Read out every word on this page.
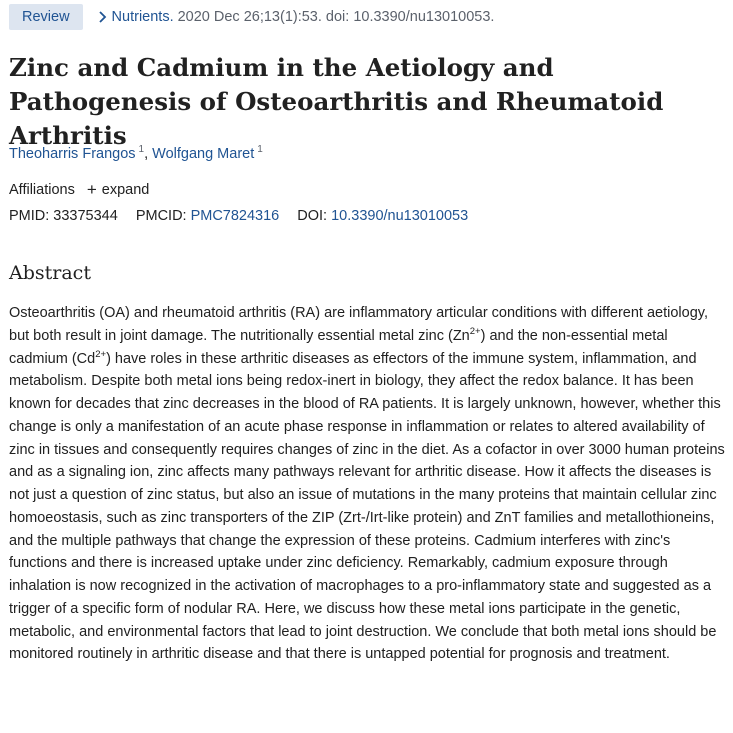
Review	Nutrients. 2020 Dec 26;13(1):53. doi: 10.3390/nu13010053.
Zinc and Cadmium in the Aetiology and Pathogenesis of Osteoarthritis and Rheumatoid Arthritis
Theoharris Frangos $^1$, Wolfgang Maret $^1$
Affiliations + expand
PMID: 33375344 PMCID: PMC7824316 DOI: 10.3390/nu13010053
Abstract

Osteoarthritis (OA) and rheumatoid arthritis (RA) are inflammatory articular conditions with different aetiology, but both result in joint damage. The nutritionally essential metal zinc $(Zn^{2+})$ and the non-essential metal cadmium $(Cd^{2+})$ have roles in these arthritic diseases as effectors of the immune system, inflammation, and metabolism. Despite both metal ions being redox-inert in biology, they affect the redox balance. It has been known for decades that zinc decreases in the blood of RA patients. It is largely unknown, however, whether this change is only a manifestation of an acute phase response in inflammation or relates to altered availability of zinc in tissues and consequently requires changes of zinc in the diet. As a cofactor in over 3000 human proteins and as a signaling ion, zinc affects many pathways relevant for arthritic disease. How it affects the diseases is not just a question of zinc status, but also an issue of mutations in the many proteins that maintain cellular zinc homoeostasis, such as zinc transporters of the ZIP (Zrt-/Irt-like protein) and ZnT families and metallothioneins, and the multiple pathways that change the expression of these proteins. Cadmium interferes with zinc's functions and there is increased uptake under zinc deficiency. Remarkably, cadmium exposure through inhalation is now recognized in the activation of macrophages to a pro-inflammatory state and suggested as a trigger of a specific form of nodular RA. Here, we discuss how these metal ions participate in the genetic, metabolic, and environmental factors that lead to joint destruction. We conclude that both metal ions should be monitored routinely in arthritic disease and that there is untapped potential for prognosis and treatment.
